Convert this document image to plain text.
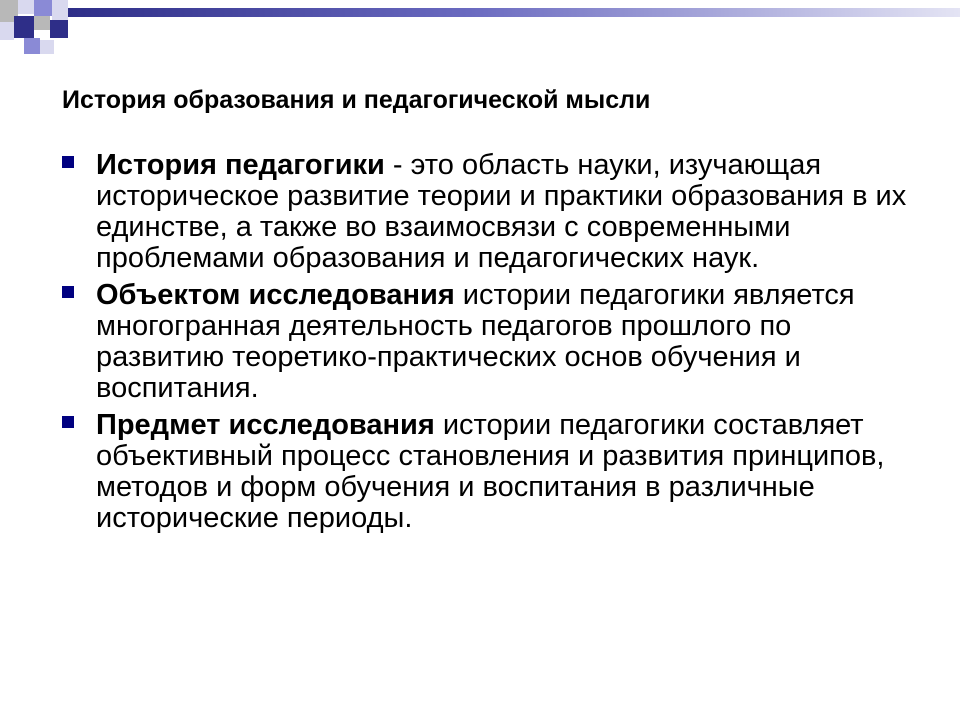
История образования и педагогической мысли
История педагогики - это область науки, изучающая историческое развитие теории и практики образования в их единстве, а также во взаимосвязи с современными проблемами образования и педагогических наук.
Объектом исследования истории педагогики является многогранная деятельность педагогов прошлого по развитию теоретико-практических основ обучения и воспитания.
Предмет исследования истории педагогики составляет объективный процесс становления и развития принципов, методов и форм обучения и воспитания в различные исторические периоды.
